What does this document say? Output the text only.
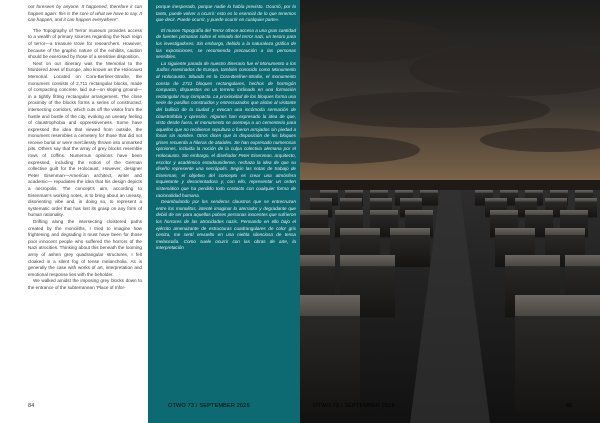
not foreseen by anyone. It happened, therefore it can happen again: this is the core of what we have to say. It can happen, and it can happen everywhere”.

The Topography of Terror museum provides access to a wealth of primary sources regarding the Nazi reign of terror—a treasure trove for researchers. However, because of the graphic nature of the exhibits, caution should be exercised by those of a sensitive disposition.

Next on our itinerary was the Memorial to the Murdered Jews of Europe, also known as the Holocaust Memorial. Located on Cora-Berliner-Straße, the monument consists of 2,711 rectangular blocks, made of compacting concrete, laid out—on sloping ground—in a tightly fitting rectangular arrangement. The close proximity of the blocks forms a series of constructed, intersecting corridors, which cuts off the visitor from the hustle and bustle of the city, evoking an uneasy feeling of claustrophobia and oppressiveness. Some have expressed the idea that viewed from outside, the monument resembles a cemetery for those that did not receive burial or were mercilessly thrown into unmarked pits. Others say that the array of grey blocks resemble rows of coffins. Numerous opinions have been expressed, including the notion of the German collective guilt for the Holocaust. However, designer Peter Eisenman—American architect, writer and academic— repudiates the idea that his design depicts a necropolis. The concept’s aim, according to Eisenman’s working notes, is to bring about an uneasy, disorienting vibe and, in doing so, to represent a systematic order that has lost its grasp on any form of human rationality.

Drifting along the intersecting cloistered paths created by the monoliths, I tried to imagine how frightening and degrading it must have been for those poor innocent people who suffered the horrors of the Nazi atrocities. Thinking about this beneath the looming army of ashen grey quadrangular structures, I felt cloaked in a silent fog of tense melancholia. As is generally the case with works of art, interpretation and emotional response lies with the beholder.

We walked amidst the imposing grey blocks down to the entrance of the subterranean ‘Place of Infor-

84

porque inesperado, porque nadie lo había previsto. Ocurrió, por lo tanto, puede volver a ocurrir: esto es lo esencial de lo que tenemos que decir. Puede ocurrir, y puede ocurrir en cualquier parte».

El museo Topografía del Terror ofrece acceso a una gran cantidad de fuentes primarias sobre el reinado del terror nazi, un tesoro para los investigadores. Sin embargo, debido a la naturaleza gráfica de las exposiciones, se recomienda precaución a las personas sensibles.

La siguiente parada de nuestro itinerario fue el Monumento a los Judíos Asesinados de Europa, también conocido como Monumento al Holocausto. Situado en la Cora-Berliner-Straße, el monumento consta de 2711 bloques rectangulares, hechos de hormigón compacto, dispuestos en un terreno inclinado en una formación rectangular muy compacta. La proximidad de los bloques forma una serie de pasillos construidos y entrecruzados que aíslan al visitante del bullicio de la ciudad y evocan una incómoda sensación de claustrofobia y opresión. Algunos han expresado la idea de que, visto desde fuera, el monumento se asemeja a un cementerio para aquellos que no recibieron sepultura o fueron arrojados sin piedad a fosas sin nombre. Otros dicen que la disposición de los bloques grises recuerda a hileras de ataúdes. Se han expresado numerosas opiniones, incluida la noción de la culpa colectiva alemana por el Holocausto. Sin embargo, el diseñador Peter Eisenman, arquitecto, escritor y académico estadounidense, rechaza la idea de que su diseño represente una necrópolis. Según las notas de trabajo de Eisenman, el objetivo del concepto es crear una atmósfera inquietante y desorientadora y, con ello, representar un orden sistemático que ha perdido todo contacto con cualquier forma de racionalidad humana.

Deambulando por los senderos claustros que se entrecruzan entre los monolitos, intenté imaginar lo aterrador y degradante que debió de ser para aquellas pobres personas inocentes que sufrieron los horrores de las atrocidades nazis. Pensando en ello bajo el ejército amenazante de estructuras cuadrangulares de color gris ceniza, me sentí envuelto en una niebla silenciosa de tensa melancolía. Como suele ocurrir con las obras de arte, la interpretación

OTWO 73 / SEPTEMBER 2025	OTWO 73 / SEPTEMBER 2025	85
